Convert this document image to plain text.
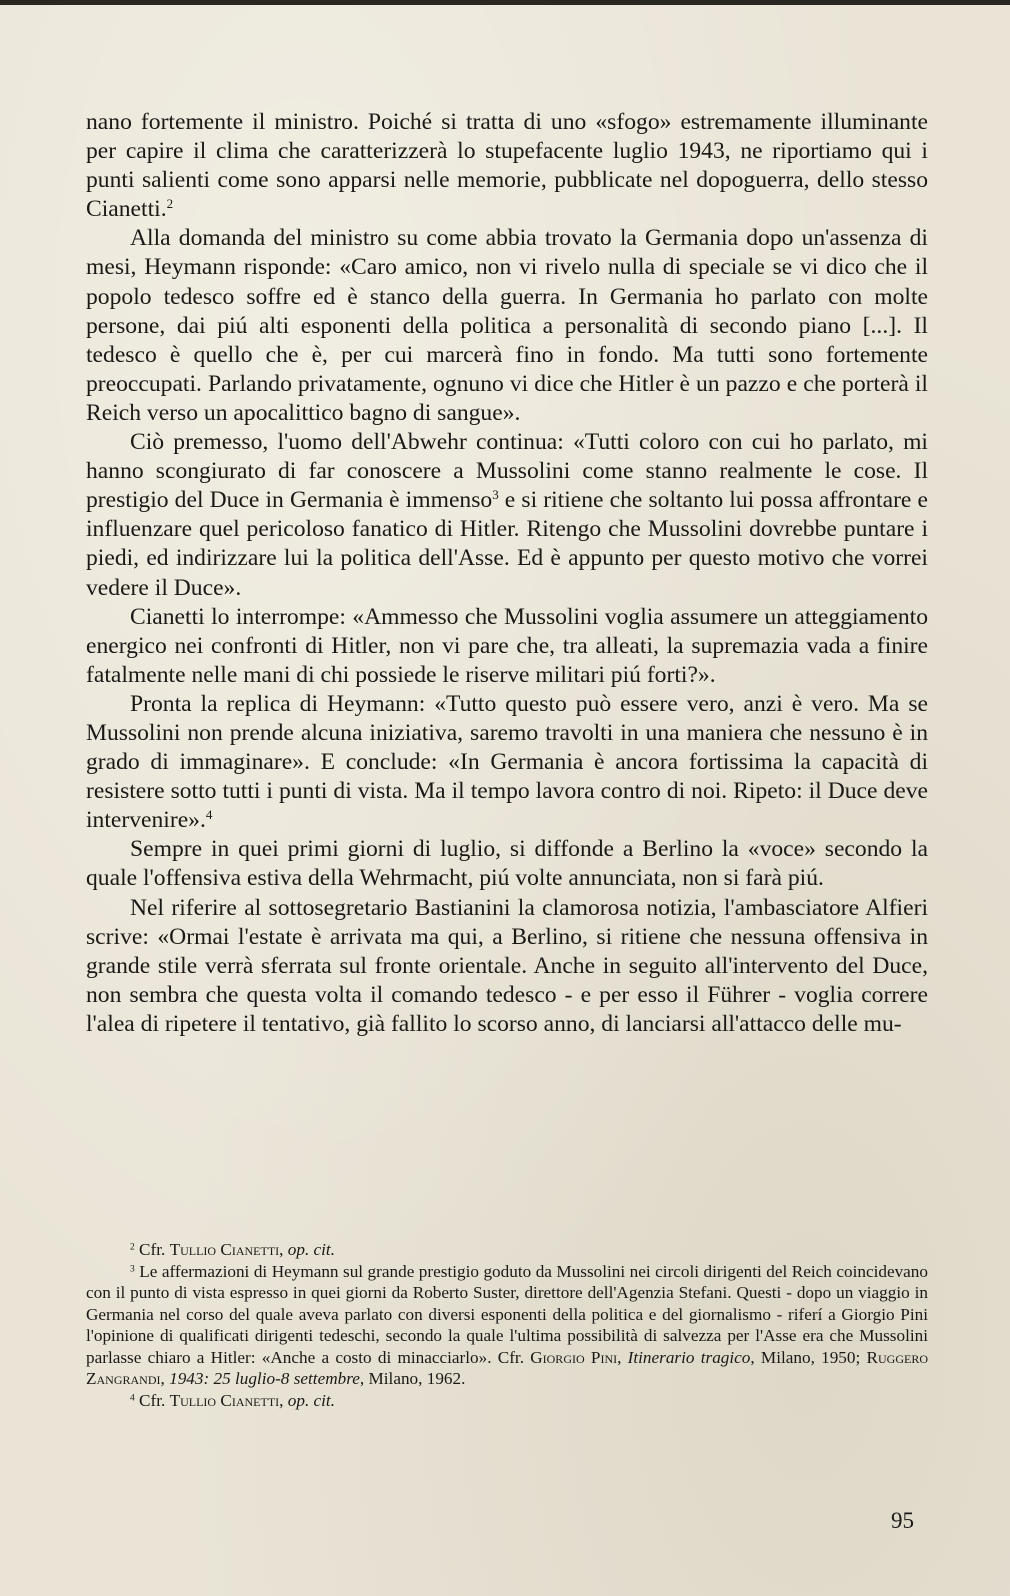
nano fortemente il ministro. Poiché si tratta di uno «sfogo» estremamente illuminante per capire il clima che caratterizzerà lo stupefacente luglio 1943, ne riportiamo qui i punti salienti come sono apparsi nelle memorie, pubblicate nel dopoguerra, dello stesso Cianetti.$^2$

Alla domanda del ministro su come abbia trovato la Germania dopo un'assenza di mesi, Heymann risponde: «Caro amico, non vi rivelo nulla di speciale se vi dico che il popolo tedesco soffre ed è stanco della guerra. In Germania ho parlato con molte persone, dai piú alti esponenti della politica a personalità di secondo piano [...]. Il tedesco è quello che è, per cui marcerà fino in fondo. Ma tutti sono fortemente preoccupati. Parlando privatamente, ognuno vi dice che Hitler è un pazzo e che porterà il Reich verso un apocalittico bagno di sangue».

Ciò premesso, l'uomo dell'Abwehr continua: «Tutti coloro con cui ho parlato, mi hanno scongiurato di far conoscere a Mussolini come stanno realmente le cose. Il prestigio del Duce in Germania è immenso$^3$ e si ritiene che soltanto lui possa affrontare e influenzare quel pericoloso fanatico di Hitler. Ritengo che Mussolini dovrebbe puntare i piedi, ed indirizzare lui la politica dell'Asse. Ed è appunto per questo motivo che vorrei vedere il Duce».

Cianetti lo interrompe: «Ammesso che Mussolini voglia assumere un atteggiamento energico nei confronti di Hitler, non vi pare che, tra alleati, la supremazia vada a finire fatalmente nelle mani di chi possiede le riserve militari piú forti?».

Pronta la replica di Heymann: «Tutto questo può essere vero, anzi è vero. Ma se Mussolini non prende alcuna iniziativa, saremo travolti in una maniera che nessuno è in grado di immaginare». E conclude: «In Germania è ancora fortissima la capacità di resistere sotto tutti i punti di vista. Ma il tempo lavora contro di noi. Ripeto: il Duce deve intervenire».$^4$

Sempre in quei primi giorni di luglio, si diffonde a Berlino la «voce» secondo la quale l'offensiva estiva della Wehrmacht, piú volte annunciata, non si farà piú.

Nel riferire al sottosegretario Bastianini la clamorosa notizia, l'ambasciatore Alfieri scrive: «Ormai l'estate è arrivata ma qui, a Berlino, si ritiene che nessuna offensiva in grande stile verrà sferrata sul fronte orientale. Anche in seguito all'intervento del Duce, non sembra che questa volta il comando tedesco - e per esso il Führer - voglia correre l'alea di ripetere il tentativo, già fallito lo scorso anno, di lanciarsi all'attacco delle mu-

$^2$ Cfr. Tullio Cianetti, op. cit.

$^3$ Le affermazioni di Heymann sul grande prestigio goduto da Mussolini nei circoli dirigenti del Reich coincidevano con il punto di vista espresso in quei giorni da Roberto Suster, direttore dell'Agenzia Stefani. Questi - dopo un viaggio in Germania nel corso del quale aveva parlato con diversi esponenti della politica e del giornalismo - riferí a Giorgio Pini l'opinione di qualificati dirigenti tedeschi, secondo la quale l'ultima possibilità di salvezza per l'Asse era che Mussolini parlasse chiaro a Hitler: «Anche a costo di minacciarlo». Cfr. Giorgio Pini, Itinerario tragico, Milano, 1950; Ruggero Zangrandi, 1943: 25 luglio-8 settembre, Milano, 1962.

$^4$ Cfr. Tullio Cianetti, op. cit.

95
